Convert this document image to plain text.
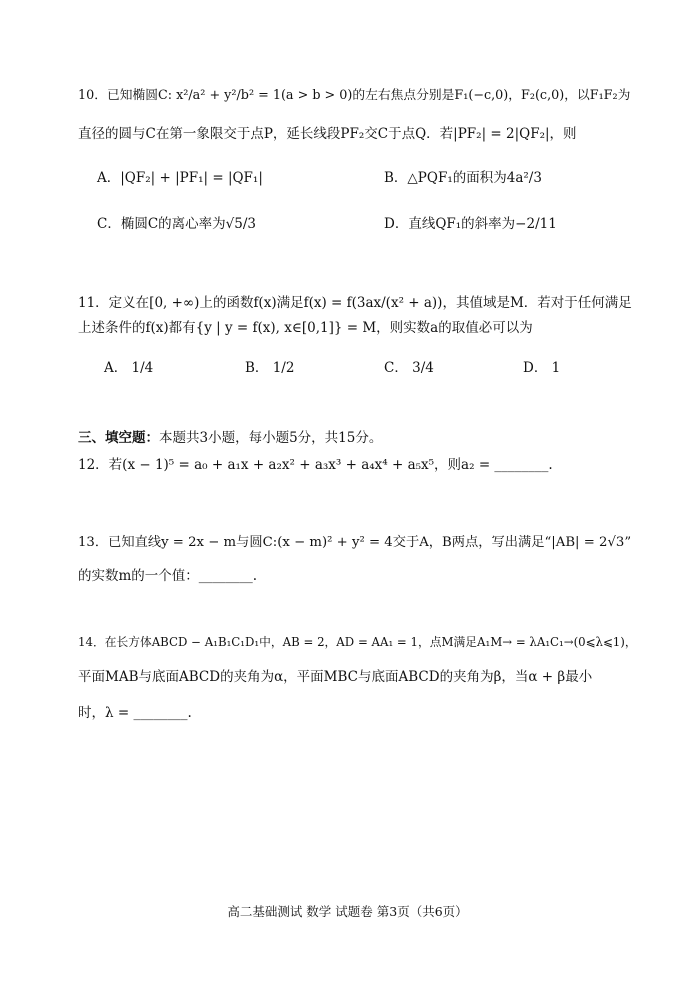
10．已知椭圆C: x²/a² + y²/b² = 1(a > b > 0)的左右焦点分别是F₁(−c,0)，F₂(c,0)，以F₁F₂为
直径的圆与C在第一象限交于点P，延长线段PF₂交C于点Q．若|PF₂| = 2|QF₂|，则
A．|QF₂| + |PF₁| = |QF₁|	B．△PQF₁的面积为4a²/3
C．椭圆C的离心率为√5/3	D．直线QF₁的斜率为−2/11
11．定义在[0, +∞)上的函数f(x)满足f(x) = f(3ax/(x² + a))，其值域是M．若对于任何满足
上述条件的f(x)都有{y | y = f(x), x∈[0,1]} = M，则实数a的取值必可以为
A． 1/4	B． 1/2	C． 3/4	D． 1
三、填空题：本题共3小题，每小题5分，共15分。
12．若(x − 1)⁵ = a₀ + a₁x + a₂x² + a₃x³ + a₄x⁴ + a₅x⁵，则a₂ = ________.
13．已知直线y = 2x − m与圆C:(x − m)² + y² = 4交于A，B两点，写出满足“|AB| = 2√3”
的实数m的一个值：________.
14．在长方体ABCD − A₁B₁C₁D₁中，AB = 2，AD = AA₁ = 1，点M满足A₁M→ = λA₁C₁→(0⩽λ⩽1)，
平面MAB与底面ABCD的夹角为α，平面MBC与底面ABCD的夹角为β，当α + β最小
时，λ = ________.
高二基础测试 数学 试题卷 第3页（共6页）
